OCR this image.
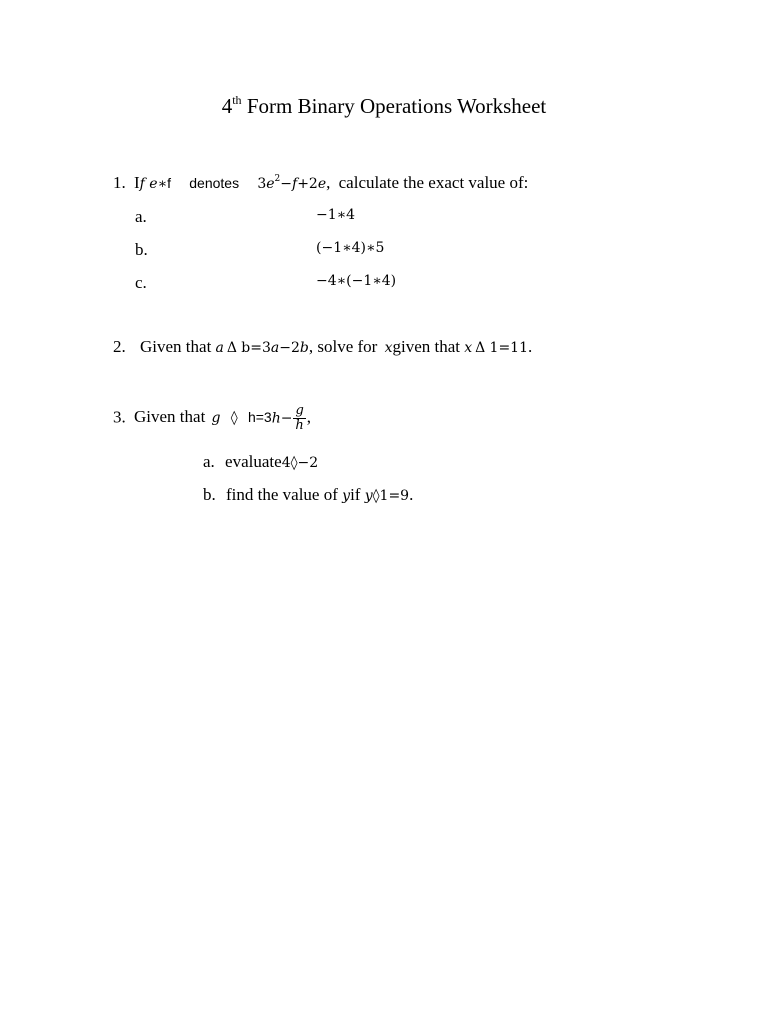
4th Form Binary Operations Worksheet
1. If e∗f denotes $3e^2-f+2e$, calculate the exact value of:
a.	−1∗4
b.	(−1∗4)∗5
c.	−4∗(−1∗4)
2. Given that a Δ b=3a−2b, solve for xgiven that x Δ 1=11.
3. Given that g ◊ $h=3h- \frac{g}{h}$ ,
a. evaluate4◊−2
b. find the value of yif y◊1=9.
